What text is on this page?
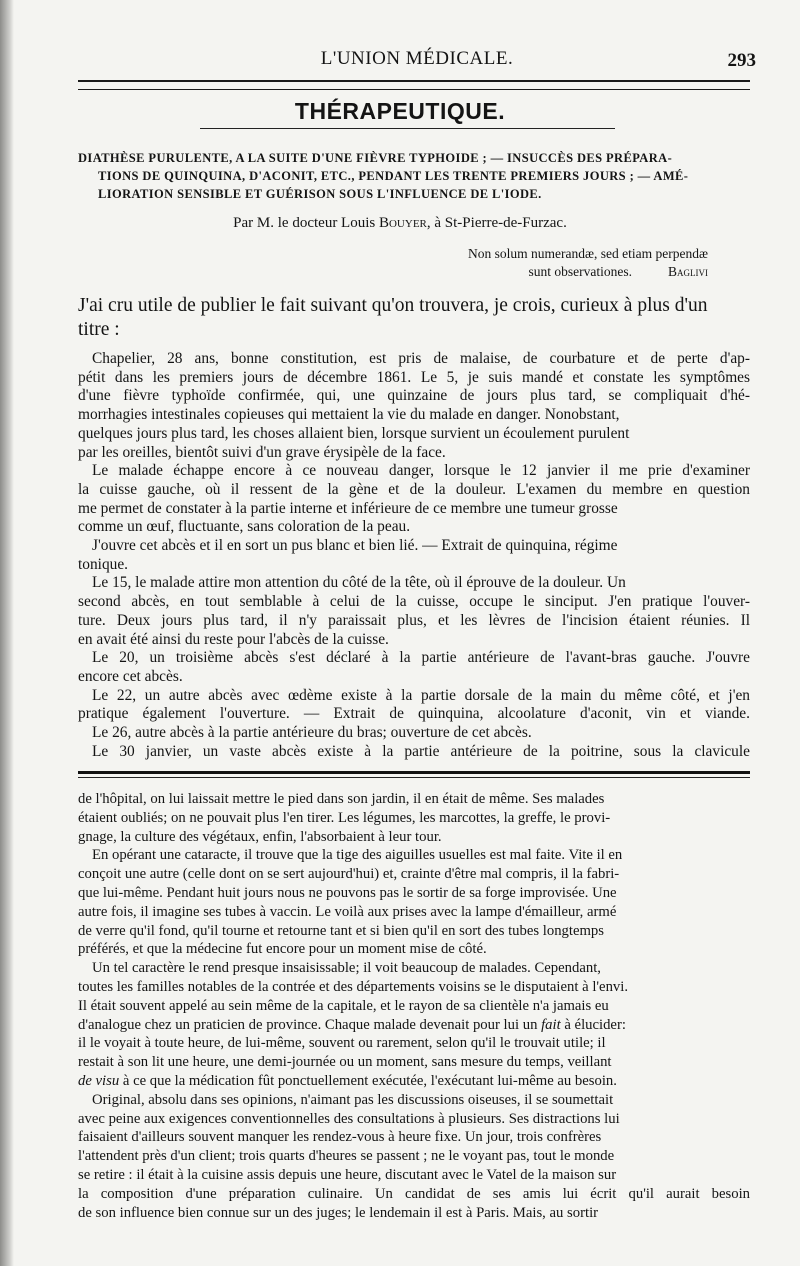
L'UNION MÉDICALE.	293
THÉRAPEUTIQUE.
DIATHÈSE PURULENTE, A LA SUITE D'UNE FIÈVRE TYPHOIDE ; — INSUCCÈS DES PRÉPARA-
TIONS DE QUINQUINA, D'ACONIT, ETC., PENDANT LES TRENTE PREMIERS JOURS ; — AMÉ-
LIORATION SENSIBLE ET GUÉRISON SOUS L'INFLUENCE DE L'IODE.
Par M. le docteur Louis Bouyer, à St-Pierre-de-Furzac.
Non solum numerandæ, sed etiam perpendæ
sunt observationes.	Baglivi
J'ai cru utile de publier le fait suivant qu'on trouvera, je crois, curieux à plus d'un
titre :
Chapelier, 28 ans, bonne constitution, est pris de malaise, de courbature et de perte d'ap-
pétit dans les premiers jours de décembre 1861. Le 5, je suis mandé et constate les symptômes
d'une fièvre typhoïde confirmée, qui, une quinzaine de jours plus tard, se compliquait d'hé-
morrhagies intestinales copieuses qui mettaient la vie du malade en danger. Nonobstant,
quelques jours plus tard, les choses allaient bien, lorsque survient un écoulement purulent
par les oreilles, bientôt suivi d'un grave érysipèle de la face.
Le malade échappe encore à ce nouveau danger, lorsque le 12 janvier il me prie d'examiner
la cuisse gauche, où il ressent de la gène et de la douleur. L'examen du membre en question
me permet de constater à la partie interne et inférieure de ce membre une tumeur grosse
comme un œuf, fluctuante, sans coloration de la peau.
J'ouvre cet abcès et il en sort un pus blanc et bien lié. — Extrait de quinquina, régime
tonique.
Le 15, le malade attire mon attention du côté de la tête, où il éprouve de la douleur. Un
second abcès, en tout semblable à celui de la cuisse, occupe le sinciput. J'en pratique l'ouver-
ture. Deux jours plus tard, il n'y paraissait plus, et les lèvres de l'incision étaient réunies. Il
en avait été ainsi du reste pour l'abcès de la cuisse.
Le 20, un troisième abcès s'est déclaré à la partie antérieure de l'avant-bras gauche. J'ouvre
encore cet abcès.
Le 22, un autre abcès avec œdème existe à la partie dorsale de la main du même côté, et j'en
pratique également l'ouverture. — Extrait de quinquina, alcoolature d'aconit, vin et viande.
Le 26, autre abcès à la partie antérieure du bras; ouverture de cet abcès.
Le 30 janvier, un vaste abcès existe à la partie antérieure de la poitrine, sous la clavicule
de l'hôpital, on lui laissait mettre le pied dans son jardin, il en était de même. Ses malades
étaient oubliés; on ne pouvait plus l'en tirer. Les légumes, les marcottes, la greffe, le provi-
gnage, la culture des végétaux, enfin, l'absorbaient à leur tour.
En opérant une cataracte, il trouve que la tige des aiguilles usuelles est mal faite. Vite il en
conçoit une autre (celle dont on se sert aujourd'hui) et, crainte d'être mal compris, il la fabri-
que lui-même. Pendant huit jours nous ne pouvons pas le sortir de sa forge improvisée. Une
autre fois, il imagine ses tubes à vaccin. Le voilà aux prises avec la lampe d'émailleur, armé
de verre qu'il fond, qu'il tourne et retourne tant et si bien qu'il en sort des tubes longtemps
préférés, et que la médecine fut encore pour un moment mise de côté.
Un tel caractère le rend presque insaisissable; il voit beaucoup de malades. Cependant,
toutes les familles notables de la contrée et des départements voisins se le disputaient à l'envi.
Il était souvent appelé au sein même de la capitale, et le rayon de sa clientèle n'a jamais eu
d'analogue chez un praticien de province. Chaque malade devenait pour lui un fait à élucider:
il le voyait à toute heure, de lui-même, souvent ou rarement, selon qu'il le trouvait utile; il
restait à son lit une heure, une demi-journée ou un moment, sans mesure du temps, veillant
de visu à ce que la médication fût ponctuellement exécutée, l'exécutant lui-même au besoin.
Original, absolu dans ses opinions, n'aimant pas les discussions oiseuses, il se soumettait
avec peine aux exigences conventionnelles des consultations à plusieurs. Ses distractions lui
faisaient d'ailleurs souvent manquer les rendez-vous à heure fixe. Un jour, trois confrères
l'attendent près d'un client; trois quarts d'heures se passent ; ne le voyant pas, tout le monde
se retire : il était à la cuisine assis depuis une heure, discutant avec le Vatel de la maison sur
la composition d'une préparation culinaire. Un candidat de ses amis lui écrit qu'il aurait besoin
de son influence bien connue sur un des juges; le lendemain il est à Paris. Mais, au sortir
